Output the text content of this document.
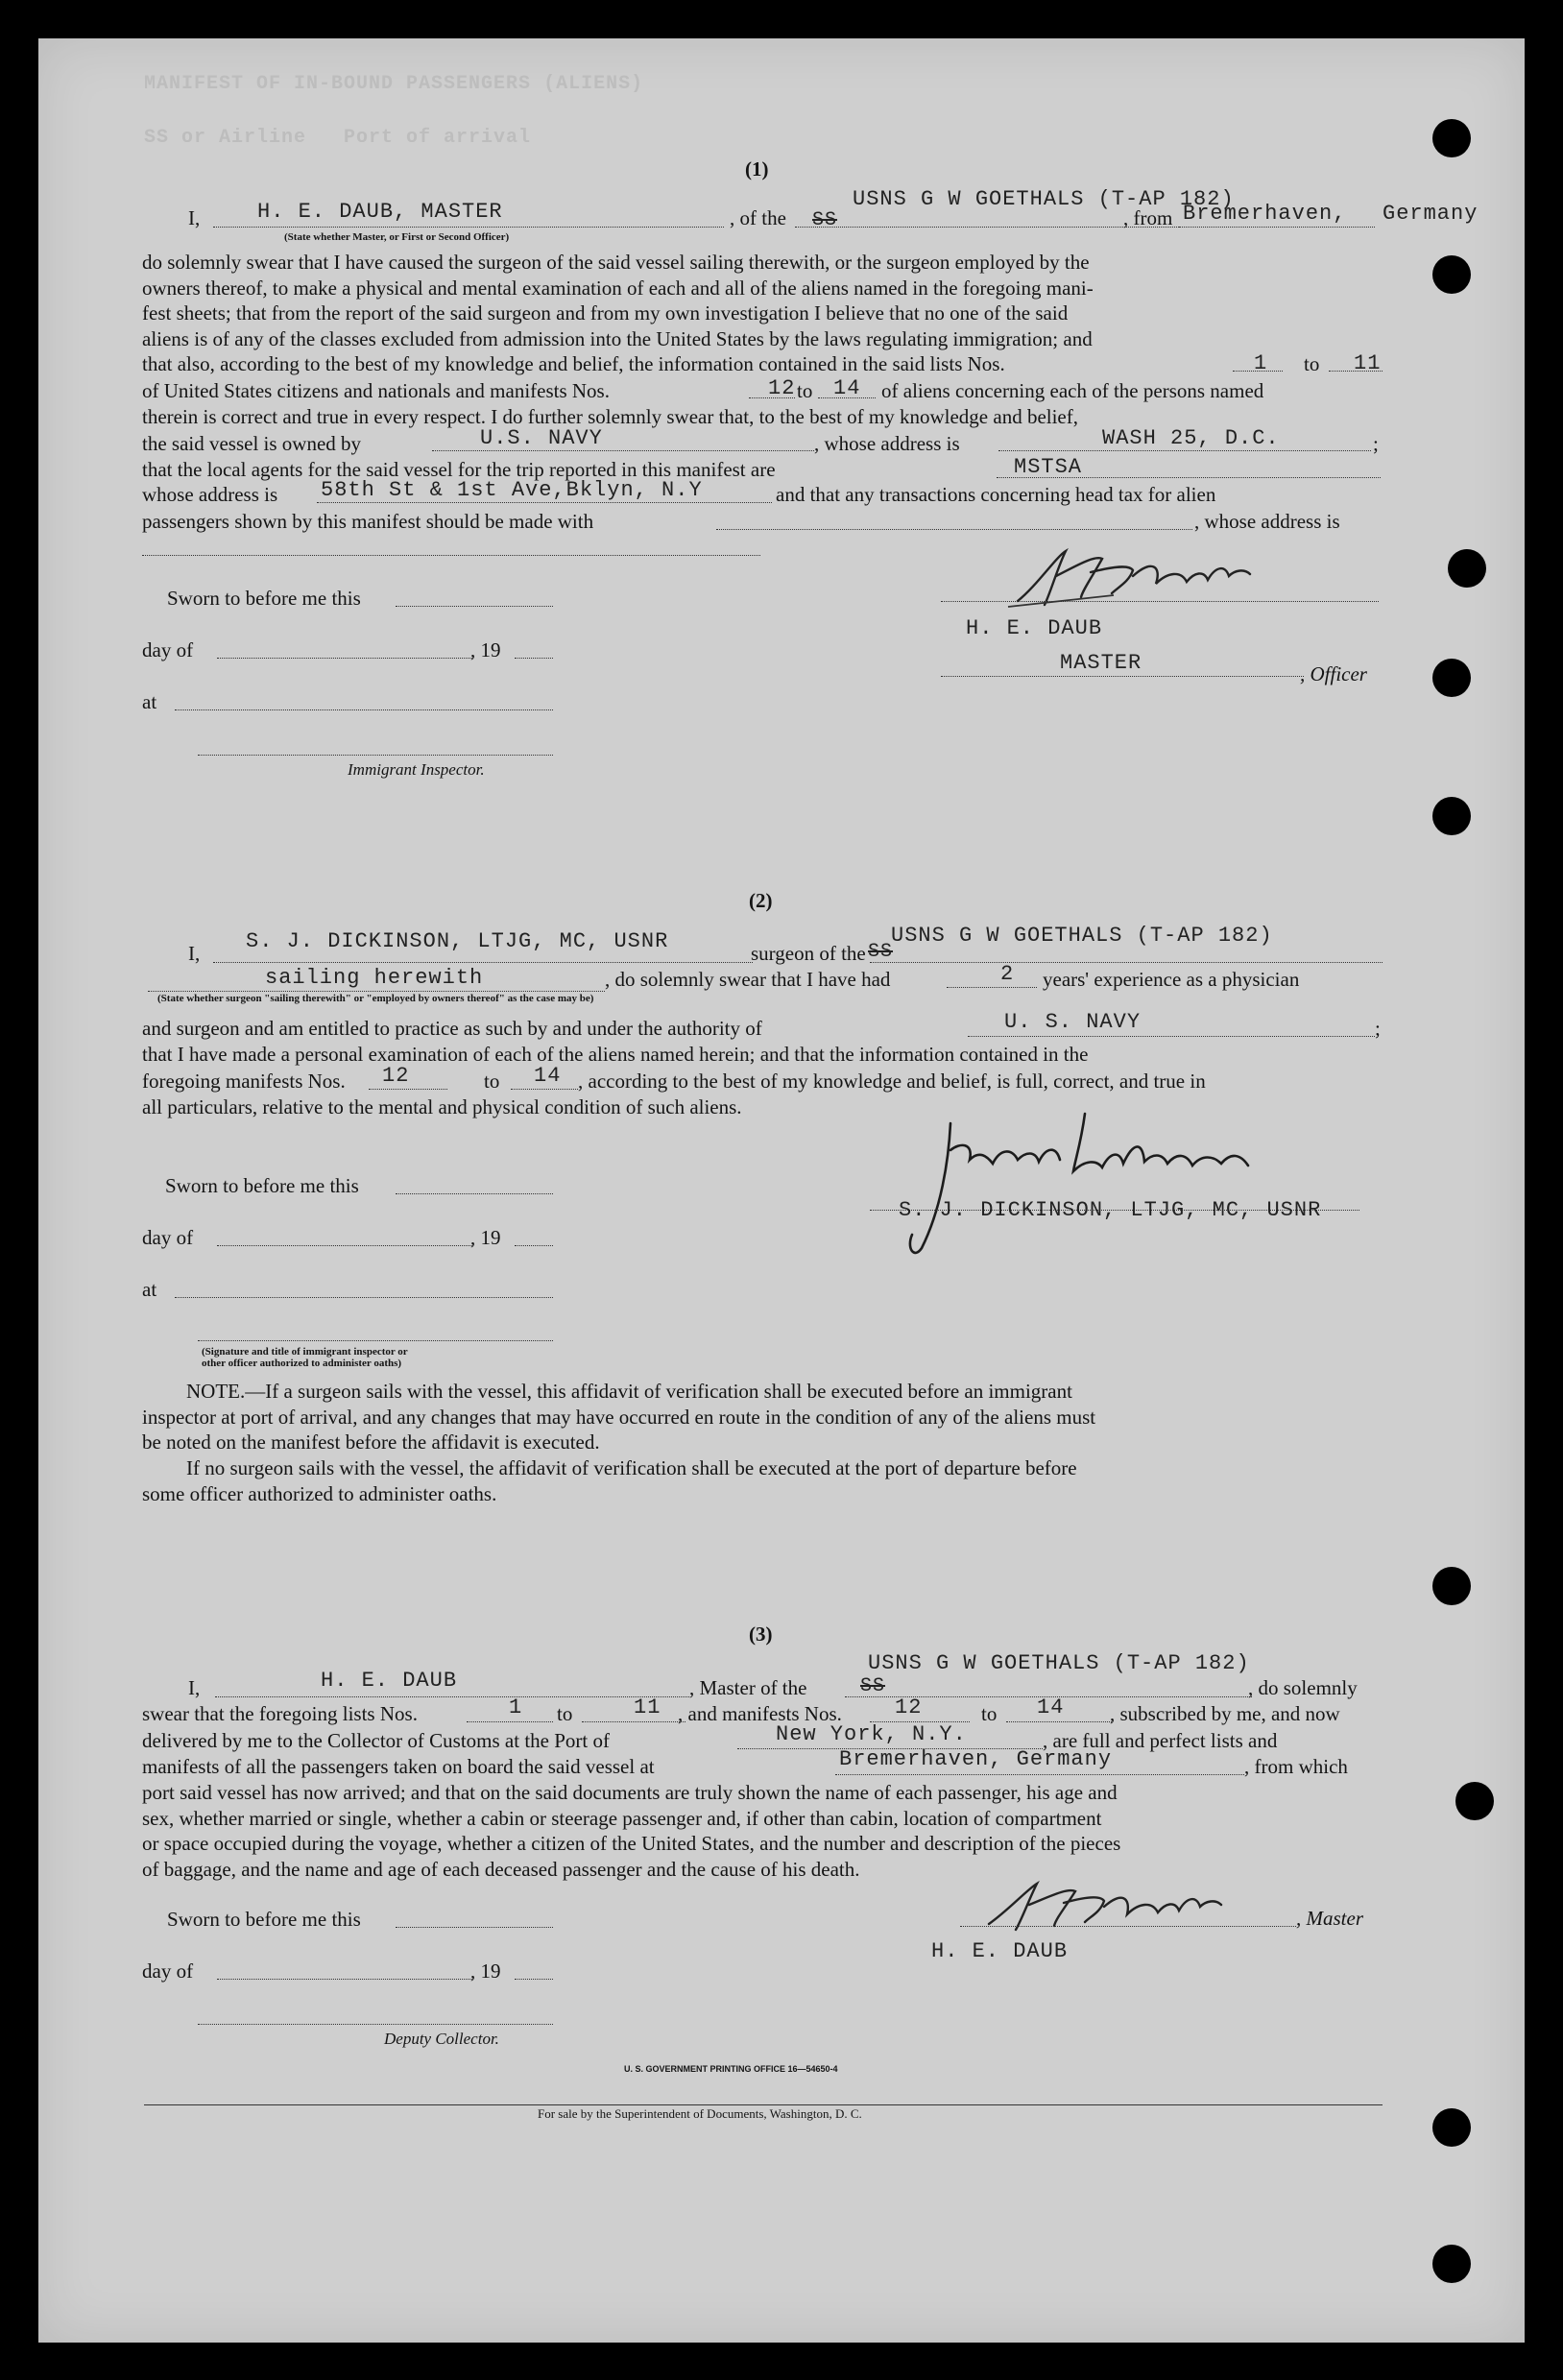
MANIFEST OF IN-BOUND PASSENGERS (ALIENS)
SS or Airline   Port of arrival
(1)
I,	H. E. DAUB, MASTER
(State whether Master, or First or Second Officer)
, of the SS
USNS G W GOETHALS (T-AP 182)
, from Bremerhaven, Germany
do solemnly swear that I have caused the surgeon of the said vessel sailing therewith, or the surgeon employed by the
owners thereof, to make a physical and mental examination of each and all of the aliens named in the foregoing mani-
fest sheets; that from the report of the said surgeon and from my own investigation I believe that no one of the said
aliens is of any of the classes excluded from admission into the United States by the laws regulating immigration; and
that also, according to the best of my knowledge and belief, the information contained in the said lists Nos.	1 to 11
of United States citizens and nationals and manifests Nos.	12 to 14 of aliens concerning each of the persons named
therein is correct and true in every respect. I do further solemnly swear that, to the best of my knowledge and belief,
the said vessel is owned by	U.S. NAVY	, whose address is	WASH 25, D.C.	;
that the local agents for the said vessel for the trip reported in this manifest are	MSTSA
whose address is 58th St & 1st Ave,Bklyn, N.Y	and that any transactions concerning head tax for alien
passengers shown by this manifest should be made with	, whose address is
Sworn to before me this
day of	, 19
at
Immigrant Inspector.
H. E. DAUB
MASTER	, Officer
(2)
I, S. J. DICKINSON, LTJG, MC, USNR	surgeon of the SS
USNS G W GOETHALS (T-AP 182)
sailing herewith	, do solemnly swear that I have had	2 years' experience as a physician
(State whether surgeon "sailing therewith" or "employed by owners thereof" as the case may be)
and surgeon and am entitled to practice as such by and under the authority of	U. S. NAVY	;
that I have made a personal examination of each of the aliens named herein; and that the information contained in the
foregoing manifests Nos. 12	to 14 , according to the best of my knowledge and belief, is full, correct, and true in
all particulars, relative to the mental and physical condition of such aliens.
Sworn to before me this
day of	, 19
at
(Signature and title of immigrant inspector or
other officer authorized to administer oaths)
S. J. DICKINSON, LTJG, MC, USNR
NOTE.—If a surgeon sails with the vessel, this affidavit of verification shall be executed before an immigrant
inspector at port of arrival, and any changes that may have occurred en route in the condition of any of the aliens must
be noted on the manifest before the affidavit is executed.
If no surgeon sails with the vessel, the affidavit of verification shall be executed at the port of departure before
some officer authorized to administer oaths.
(3)
I,	H. E. DAUB	, Master of the	SS
USNS G W GOETHALS (T-AP 182)
, do solemnly
swear that the foregoing lists Nos.	1 to	11 , and manifests Nos.	12	to 14 , subscribed by me, and now
delivered by me to the Collector of Customs at the Port of	New York, N.Y.	, are full and perfect lists and
manifests of all the passengers taken on board the said vessel at	Bremerhaven, Germany	, from which
port said vessel has now arrived; and that on the said documents are truly shown the name of each passenger, his age and
sex, whether married or single, whether a cabin or steerage passenger and, if other than cabin, location of compartment
or space occupied during the voyage, whether a citizen of the United States, and the number and description of the pieces
of baggage, and the name and age of each deceased passenger and the cause of his death.
Sworn to before me this
day of	, 19
Deputy Collector.
, Master
H. E. DAUB
U. S. GOVERNMENT PRINTING OFFICE 16—54650-4
For sale by the Superintendent of Documents, Washington, D. C.
